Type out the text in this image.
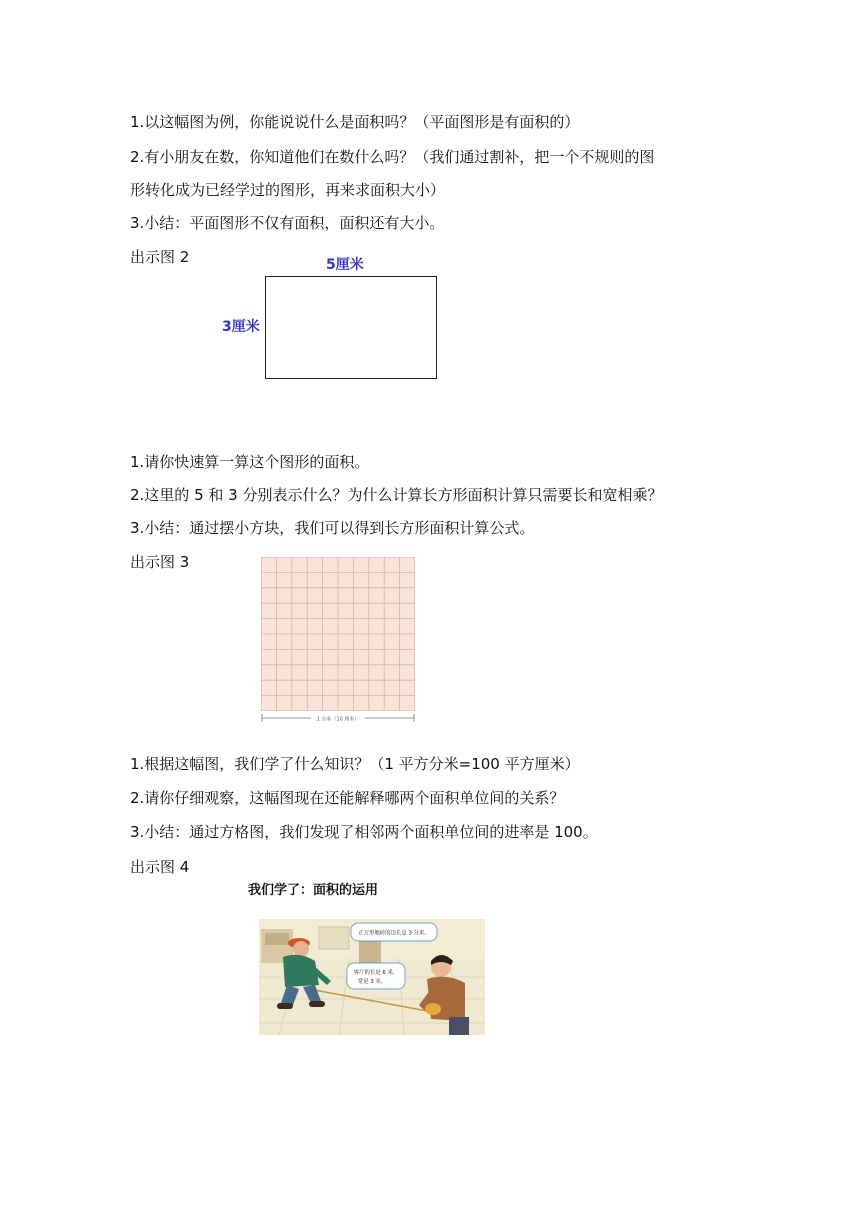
1.以这幅图为例，你能说说什么是面积吗？（平面图形是有面积的）
2.有小朋友在数，你知道他们在数什么吗？（我们通过割补，把一个不规则的图
形转化成为已经学过的图形，再来求面积大小）
3.小结：平面图形不仅有面积，面积还有大小。
出示图 2	5厘米
3厘米
1.请你快速算一算这个图形的面积。
2.这里的 5 和 3 分别表示什么？为什么计算长方形面积计算只需要长和宽相乘？
3.小结：通过摆小方块，我们可以得到长方形面积计算公式。
出示图 3
1 分米（10 厘米）
1.根据这幅图，我们学了什么知识？（1 平方分米=100 平方厘米）
2.请你仔细观察，这幅图现在还能解释哪两个面积单位间的关系？
3.小结：通过方格图，我们发现了相邻两个面积单位间的进率是 100。
出示图 4
我们学了：面积的运用
正方形地砖的边长是 3 分米。
客厅的长是 6 米，
宽是 3 米。
